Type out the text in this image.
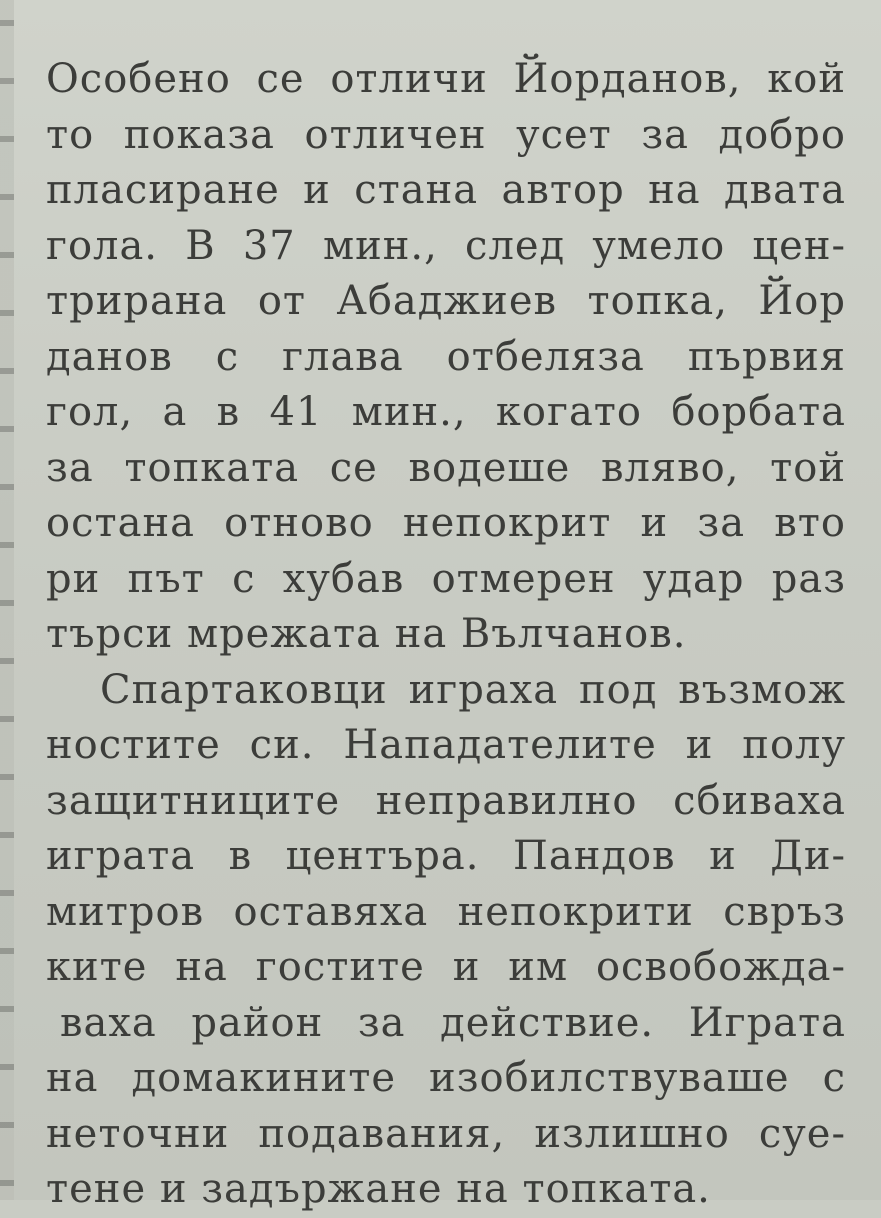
Особено се отличи Йорданов, кой
то показа отличен усет за добро
пласиране и стана автор на двата
гола. В 37 мин., след умело цен-
трирана от Абаджиев топка, Йор
данов с глава отбеляза първия
гол, а в 41 мин., когато борбата
за топката се водеше вляво, той
остана отново непокрит и за вто
ри път с хубав отмерен удар раз
търси мрежата на Вълчанов.
Спартаковци играха под възмож
ностите си. Нападателите и полу
защитниците неправилно сбиваха
играта в центъра. Пандов и Ди-
митров оставяха непокрити свръз
ките на гостите и им освобожда-
ваха район за действие. Играта
на домакините изобилствуваше с
неточни подавания, излишно суе-
тене и задържане на топката.
